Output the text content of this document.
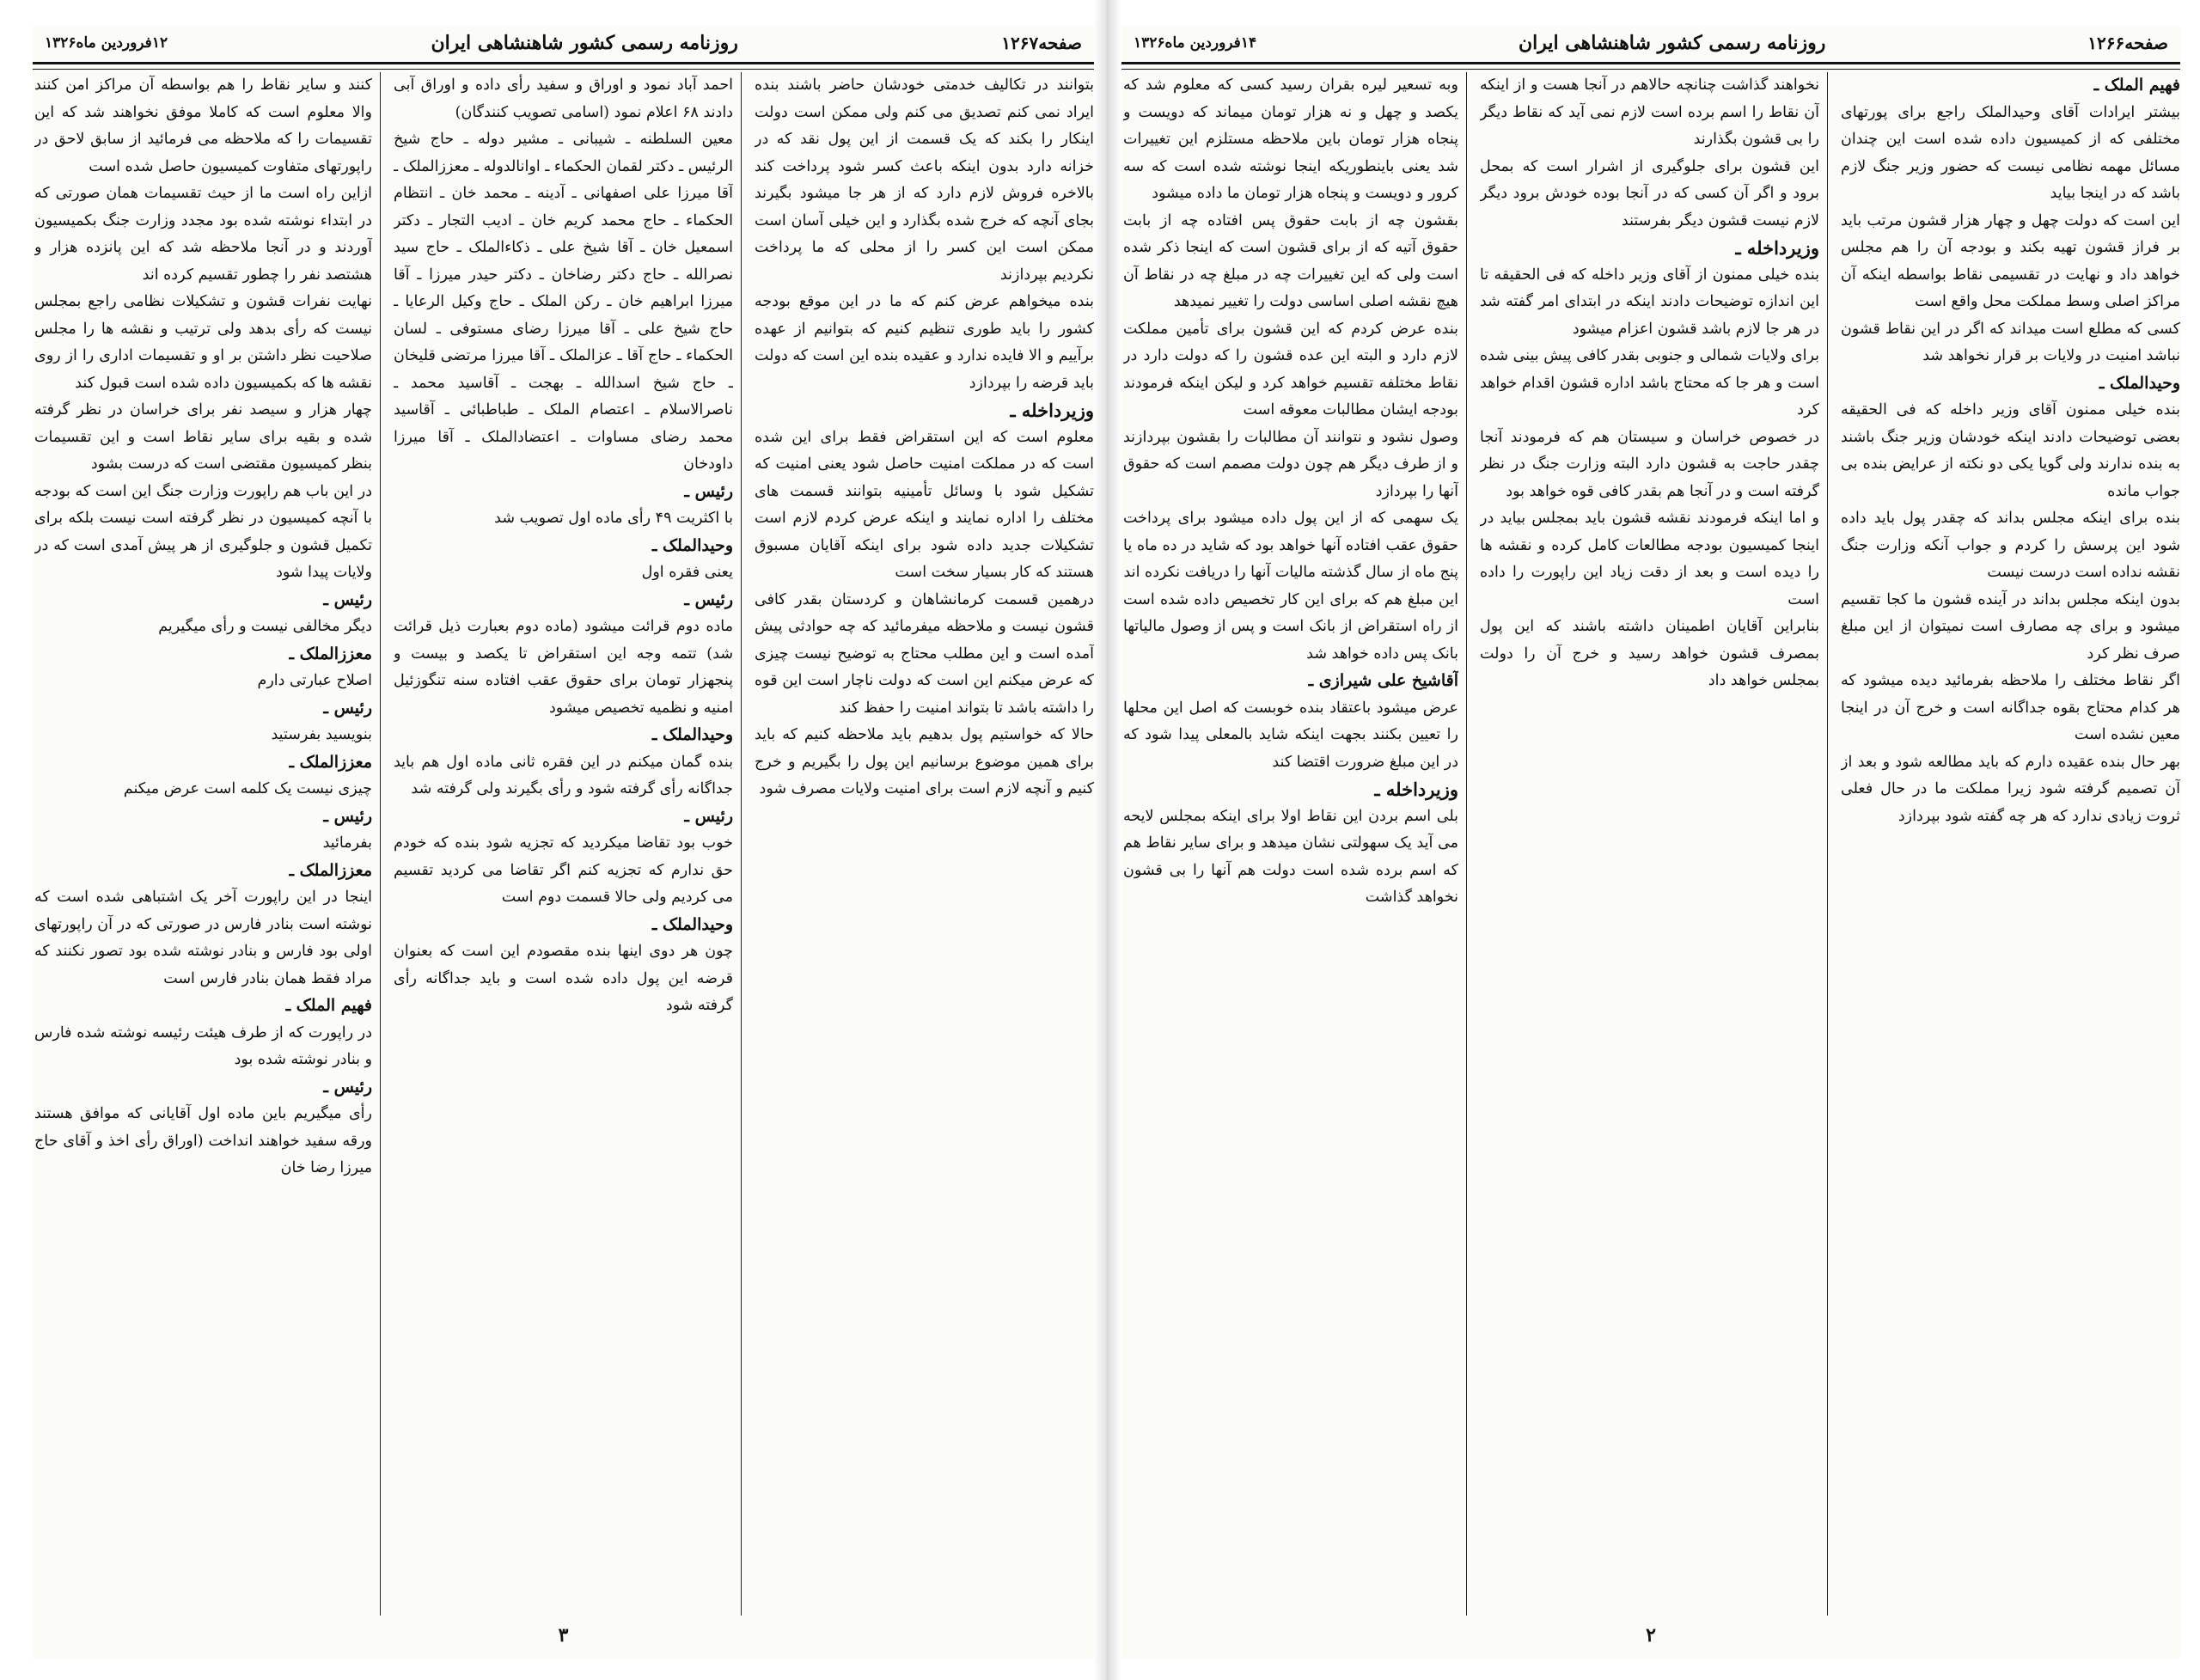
صفحه۱۲۶۷
روزنامه رسمی کشور شاهنشاهی ایران
۱۲فروردین ماه۱۳۲۶

بتوانند در تکالیف خدمتی خودشان حاضر باشند بنده ایراد نمی کنم تصدیق می کنم ولی ممکن است دولت اینکار را بکند که یک قسمت از این پول نقد که در خزانه دارد بدون اینکه باعث کسر شود پرداخت کند بالاخره فروش لازم دارد که از هر جا میشود بگیرند بجای آنچه که خرج شده بگذارد و این خیلی آسان است ممکن است این کسر را از محلی که ما پرداخت نکردیم بپردازند

بنده میخواهم عرض کنم که ما در این موقع بودجه کشور را باید طوری تنظیم کنیم که بتوانیم از عهده برآییم و الا فایده ندارد و عقیده بنده این است که دولت باید قرضه را بپردازد

وزیرداخله ـ

معلوم است که این استقراض فقط برای این شده است که در مملکت امنیت حاصل شود یعنی امنیت که تشکیل شود با وسائل تأمینیه بتوانند قسمت های مختلف را اداره نمایند و اینکه عرض کردم لازم است تشکیلات جدید داده شود برای اینکه آقایان مسبوق هستند که کار بسیار سخت است

درهمین قسمت کرمانشاهان و کردستان بقدر کافی قشون نیست و ملاحظه میفرمائید که چه حوادثی پیش آمده است و این مطلب محتاج به توضیح نیست چیزی که عرض میکنم این است که دولت ناچار است این قوه را داشته باشد تا بتواند امنیت را حفظ کند

حالا که خواستیم پول بدهیم باید ملاحظه کنیم که باید برای همین موضوع برسانیم این پول را بگیریم و خرج کنیم و آنچه لازم است برای امنیت ولایات مصرف شود

احمد آباد نمود و اوراق و سفید رأی داده و اوراق آبی دادند ۶۸ اعلام نمود (اسامی تصویب کنندگان)

معین السلطنه ـ شیبانی ـ مشیر دوله ـ حاج شیخ الرئیس ـ دکتر لقمان الحکماء ـ اوانالدوله ـ معززالملک ـ آقا میرزا علی اصفهانی ـ آدینه ـ محمد خان ـ انتظام الحکماء ـ حاج محمد کریم خان ـ ادیب التجار ـ دکتر اسمعیل خان ـ آقا شیخ علی ـ ذکاءالملک ـ حاج سید نصرالله ـ حاج دکتر رضاخان ـ دکتر حیدر میرزا ـ آقا میرزا ابراهیم خان ـ رکن الملک ـ حاج وکیل الرعایا ـ حاج شیخ علی ـ آقا میرزا رضای مستوفی ـ لسان الحکماء ـ حاج آقا ـ عزالملک ـ آقا میرزا مرتضی قلیخان ـ حاج شیخ اسدالله ـ بهجت ـ آقاسید محمد ـ ناصرالاسلام ـ اعتصام الملک ـ طباطبائی ـ آقاسید محمد رضای مساوات ـ اعتضادالملک ـ آقا میرزا داودخان

رئیس ـ

با اکثریت ۴۹ رأی ماده اول تصویب شد

وحیدالملک ـ

یعنی فقره اول

رئیس ـ

ماده دوم قرائت میشود (ماده دوم بعبارت ذیل قرائت شد) تتمه وجه این استقراض تا یکصد و بیست و پنجهزار تومان برای حقوق عقب افتاده سنه تنگوزئیل امنیه و نظمیه تخصیص میشود

وحیدالملک ـ

بنده گمان میکنم در این فقره ثانی ماده اول هم باید جداگانه رأی گرفته شود و رأی بگیرند ولی گرفته شد

رئیس ـ

خوب بود تقاضا میکردید که تجزیه شود بنده که خودم حق ندارم که تجزیه کنم اگر تقاضا می کردید تقسیم می کردیم ولی حالا قسمت دوم است

وحیدالملک ـ

چون هر دوی اینها بنده مقصودم این است که بعنوان قرضه این پول داده شده است و باید جداگانه رأی گرفته شود

کنند و سایر نقاط را هم بواسطه آن مراکز امن کنند والا معلوم است که کاملا موفق نخواهند شد که این تقسیمات را که ملاحظه می فرمائید از سابق لاحق در راپورتهای متفاوت کمیسیون حاصل شده است

ازاین راه است ما از حیث تقسیمات همان صورتی که در ابتداء نوشته شده بود مجدد وزارت جنگ بکمیسیون آوردند و در آنجا ملاحظه شد که این پانزده هزار و هشتصد نفر را چطور تقسیم کرده اند

نهایت نفرات قشون و تشکیلات نظامی راجع بمجلس نیست که رأی بدهد ولی ترتیب و نقشه ها را مجلس صلاحیت نظر داشتن بر او و تقسیمات اداری را از روی نقشه ها که بکمیسیون داده شده است قبول کند

چهار هزار و سیصد نفر برای خراسان در نظر گرفته شده و بقیه برای سایر نقاط است و این تقسیمات بنظر کمیسیون مقتضی است که درست بشود

در این باب هم راپورت وزارت جنگ این است که بودجه با آنچه کمیسیون در نظر گرفته است نیست بلکه برای تکمیل قشون و جلوگیری از هر پیش آمدی است که در ولایات پیدا شود

رئیس ـ

دیگر مخالفی نیست و رأی میگیریم

معززالملک ـ

اصلاح عبارتی دارم

رئیس ـ

بنویسید بفرستید

معززالملک ـ

چیزی نیست یک کلمه است عرض میکنم

رئیس ـ

بفرمائید

معززالملک ـ

اینجا در این راپورت آخر یک اشتباهی شده است که نوشته است بنادر فارس در صورتی که در آن راپورتهای اولی بود فارس و بنادر نوشته شده بود تصور نکنند که مراد فقط همان بنادر فارس است

فهیم الملک ـ

در راپورت که از طرف هیئت رئیسه نوشته شده فارس و بنادر نوشته شده بود

رئیس ـ

رأی میگیریم باین ماده اول آقایانی که موافق هستند ورقه سفید خواهند انداخت (اوراق رأی اخذ و آقای حاج میرزا رضا خان

۳
صفحه۱۲۶۶
روزنامه رسمی کشور شاهنشاهی ایران
۱۴فروردین ماه۱۳۲۶

فهیم الملک ـ

بیشتر ایرادات آقای وحیدالملک راجع برای پورتهای مختلفی که از کمیسیون داده شده است این چندان مسائل مهمه نظامی نیست که حضور وزیر جنگ لازم باشد که در اینجا بیاید

این است که دولت چهل و چهار هزار قشون مرتب باید بر فراز قشون تهیه بکند و بودجه آن را هم مجلس خواهد داد و نهایت در تقسیمی نقاط بواسطه اینکه آن مراکز اصلی وسط مملکت محل واقع است

کسی که مطلع است میداند که اگر در این نقاط قشون نباشد امنیت در ولایات بر قرار نخواهد شد

وحیدالملک ـ

بنده خیلی ممنون آقای وزیر داخله که فی الحقیقه بعضی توضیحات دادند اینکه خودشان وزیر جنگ باشند به بنده ندارند ولی گویا یکی دو نکته از عرایض بنده بی جواب مانده

بنده برای اینکه مجلس بداند که چقدر پول باید داده شود این پرسش را کردم و جواب آنکه وزارت جنگ نقشه نداده است درست نیست

بدون اینکه مجلس بداند در آینده قشون ما کجا تقسیم میشود و برای چه مصارف است نمیتوان از این مبلغ صرف نظر کرد

اگر نقاط مختلف را ملاحظه بفرمائید دیده میشود که هر کدام محتاج بقوه جداگانه است و خرج آن در اینجا معین نشده است

بهر حال بنده عقیده دارم که باید مطالعه شود و بعد از آن تصمیم گرفته شود زیرا مملکت ما در حال فعلی ثروت زیادی ندارد که هر چه گفته شود بپردازد

نخواهند گذاشت چنانچه حالاهم در آنجا هست و از اینکه آن نقاط را اسم برده است لازم نمی آید که نقاط دیگر را بی قشون بگذارند

این قشون برای جلوگیری از اشرار است که بمحل برود و اگر آن کسی که در آنجا بوده خودش برود دیگر لازم نیست قشون دیگر بفرستند

وزیرداخله ـ

بنده خیلی ممنون از آقای وزیر داخله که فی الحقیقه تا این اندازه توضیحات دادند اینکه در ابتدای امر گفته شد در هر جا لازم باشد قشون اعزام میشود

برای ولایات شمالی و جنوبی بقدر کافی پیش بینی شده است و هر جا که محتاج باشد اداره قشون اقدام خواهد کرد

در خصوص خراسان و سیستان هم که فرمودند آنجا چقدر حاجت به قشون دارد البته وزارت جنگ در نظر گرفته است و در آنجا هم بقدر کافی قوه خواهد بود

و اما اینکه فرمودند نقشه قشون باید بمجلس بیاید در اینجا کمیسیون بودجه مطالعات کامل کرده و نقشه ها را دیده است و بعد از دقت زیاد این راپورت را داده است

بنابراین آقایان اطمینان داشته باشند که این پول بمصرف قشون خواهد رسید و خرج آن را دولت بمجلس خواهد داد

وبه تسعیر لیره بقران رسید کسی که معلوم شد که یکصد و چهل و نه هزار تومان میماند که دویست و پنجاه هزار تومان باین ملاحظه مستلزم این تغییرات شد یعنی باینطوریکه اینجا نوشته شده است که سه کرور و دویست و پنجاه هزار تومان ما داده میشود

بقشون چه از بابت حقوق پس افتاده چه از بابت حقوق آتیه که از برای قشون است که اینجا ذکر شده است ولی که این تغییرات چه در مبلغ چه در نقاط آن هیچ نقشه اصلی اساسی دولت را تغییر نمیدهد

بنده عرض کردم که این قشون برای تأمین مملکت لازم دارد و البته این عده قشون را که دولت دارد در نقاط مختلفه تقسیم خواهد کرد و لیکن اینکه فرمودند بودجه ایشان مطالبات معوقه است

وصول نشود و نتوانند آن مطالبات را بقشون بپردازند و از طرف دیگر هم چون دولت مصمم است که حقوق آنها را بپردازد

یک سهمی که از این پول داده میشود برای پرداخت حقوق عقب افتاده آنها خواهد بود که شاید در ده ماه یا پنج ماه از سال گذشته مالیات آنها را دریافت نکرده اند

این مبلغ هم که برای این کار تخصیص داده شده است از راه استقراض از بانک است و پس از وصول مالیاتها بانک پس داده خواهد شد

آقاشیخ علی شیرازی ـ

عرض میشود باعتقاد بنده خوبست که اصل این محلها را تعیین بکنند بجهت اینکه شاید بالمعلی پیدا شود که در این مبلغ ضرورت اقتضا کند

وزیرداخله ـ

بلی اسم بردن این نقاط اولا برای اینکه بمجلس لایحه می آید یک سهولتی نشان میدهد و برای سایر نقاط هم که اسم برده شده است دولت هم آنها را بی قشون نخواهد گذاشت

۲
